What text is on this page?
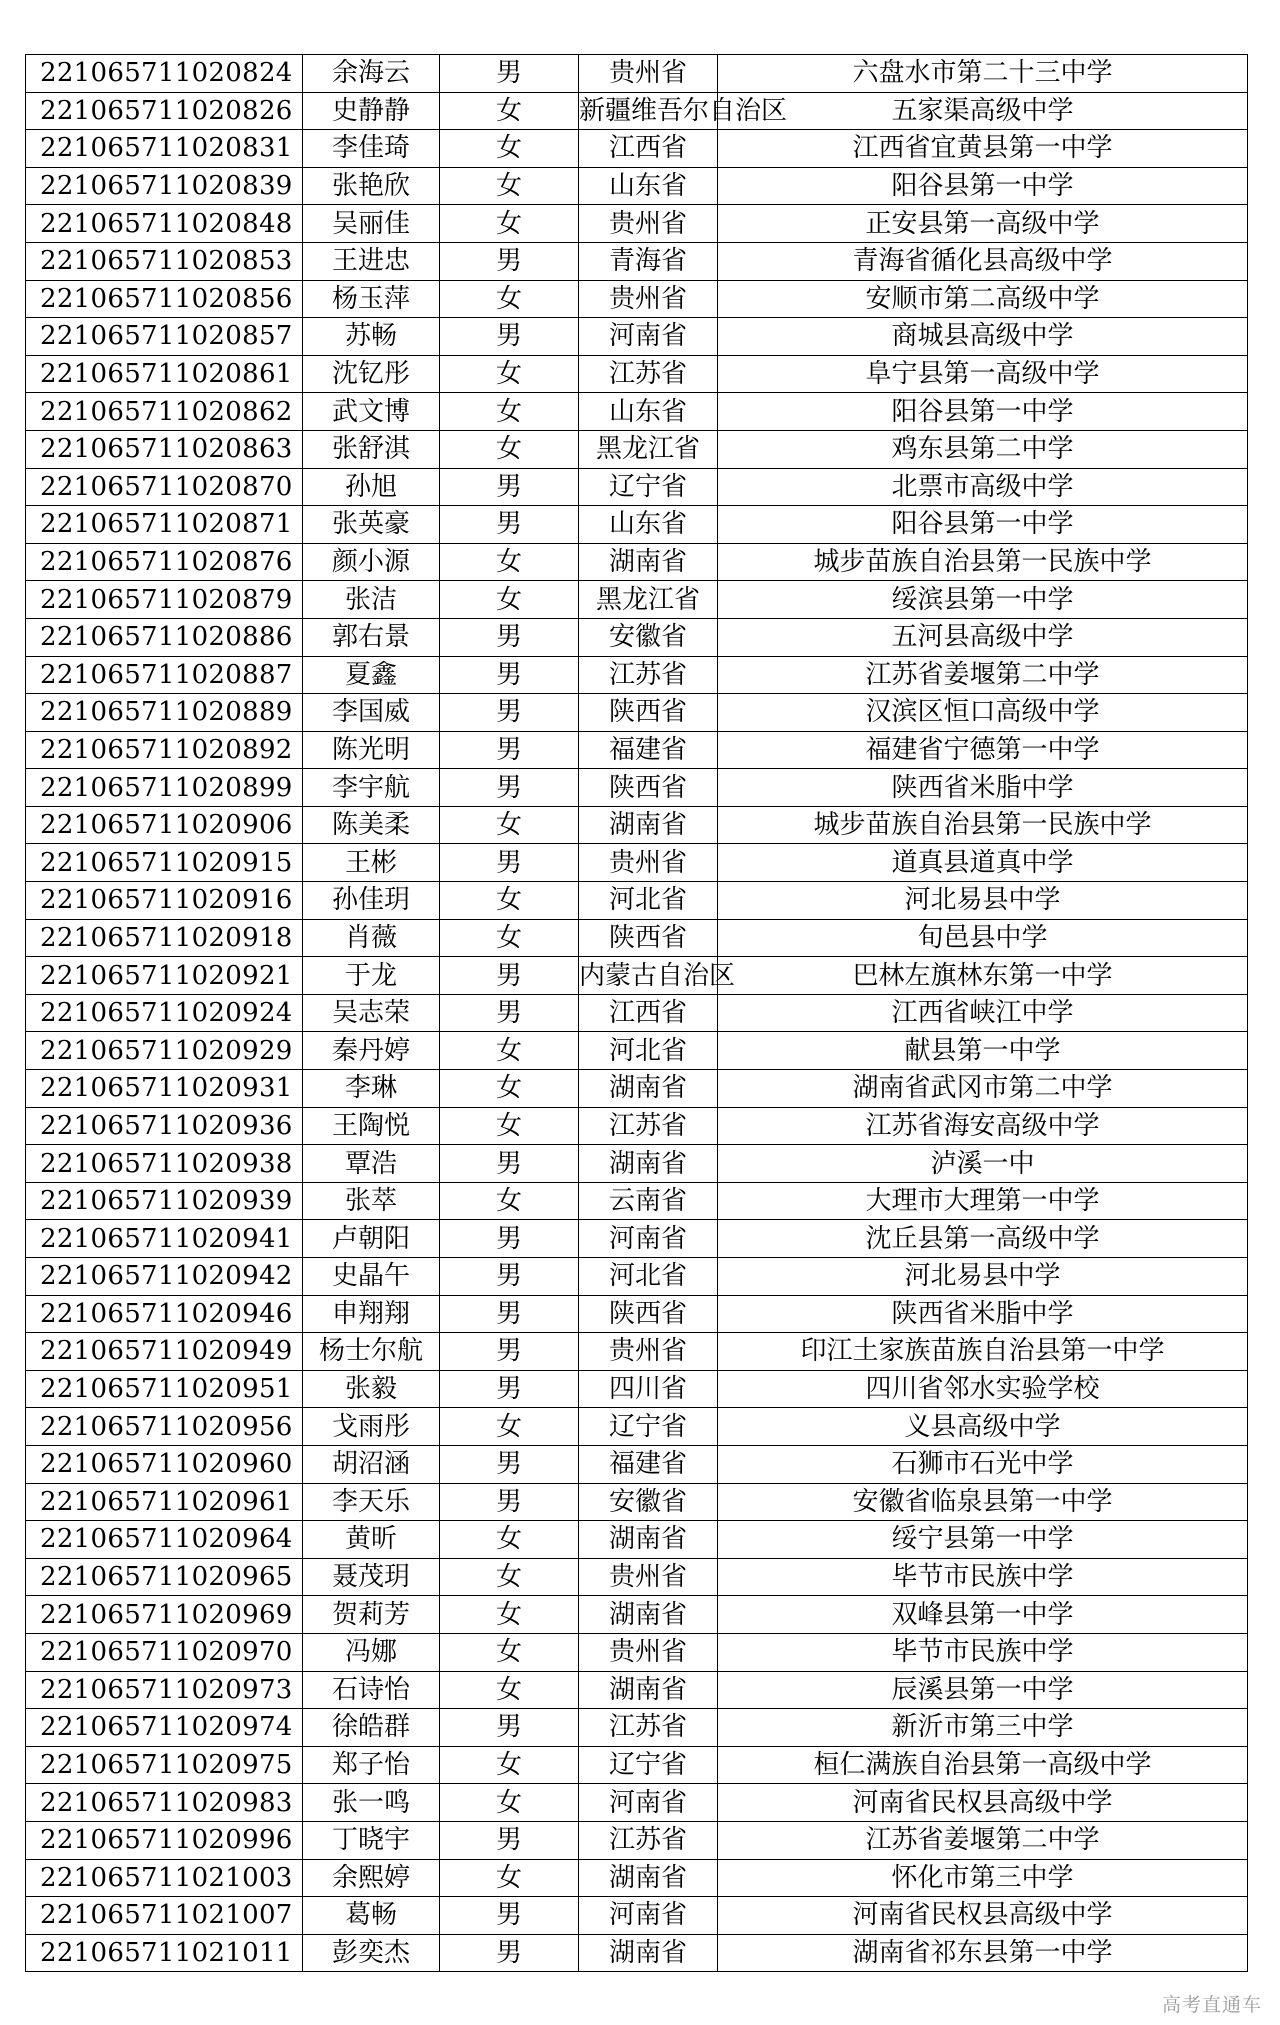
221065711020824	余海云	男	贵州省	六盘水市第二十三中学
221065711020826	史静静	女	新疆维吾尔自治区	五家渠高级中学
221065711020831	李佳琦	女	江西省	江西省宜黄县第一中学
221065711020839	张艳欣	女	山东省	阳谷县第一中学
221065711020848	吴丽佳	女	贵州省	正安县第一高级中学
221065711020853	王进忠	男	青海省	青海省循化县高级中学
221065711020856	杨玉萍	女	贵州省	安顺市第二高级中学
221065711020857	苏畅	男	河南省	商城县高级中学
221065711020861	沈钇彤	女	江苏省	阜宁县第一高级中学
221065711020862	武文博	女	山东省	阳谷县第一中学
221065711020863	张舒淇	女	黑龙江省	鸡东县第二中学
221065711020870	孙旭	男	辽宁省	北票市高级中学
221065711020871	张英豪	男	山东省	阳谷县第一中学
221065711020876	颜小源	女	湖南省	城步苗族自治县第一民族中学
221065711020879	张洁	女	黑龙江省	绥滨县第一中学
221065711020886	郭右景	男	安徽省	五河县高级中学
221065711020887	夏鑫	男	江苏省	江苏省姜堰第二中学
221065711020889	李国威	男	陕西省	汉滨区恒口高级中学
221065711020892	陈光明	男	福建省	福建省宁德第一中学
221065711020899	李宇航	男	陕西省	陕西省米脂中学
221065711020906	陈美柔	女	湖南省	城步苗族自治县第一民族中学
221065711020915	王彬	男	贵州省	道真县道真中学
221065711020916	孙佳玥	女	河北省	河北易县中学
221065711020918	肖薇	女	陕西省	旬邑县中学
221065711020921	于龙	男	内蒙古自治区	巴林左旗林东第一中学
221065711020924	吴志荣	男	江西省	江西省峡江中学
221065711020929	秦丹婷	女	河北省	献县第一中学
221065711020931	李琳	女	湖南省	湖南省武冈市第二中学
221065711020936	王陶悦	女	江苏省	江苏省海安高级中学
221065711020938	覃浩	男	湖南省	泸溪一中
221065711020939	张萃	女	云南省	大理市大理第一中学
221065711020941	卢朝阳	男	河南省	沈丘县第一高级中学
221065711020942	史晶午	男	河北省	河北易县中学
221065711020946	申翔翔	男	陕西省	陕西省米脂中学
221065711020949	杨士尔航	男	贵州省	印江土家族苗族自治县第一中学
221065711020951	张毅	男	四川省	四川省邻水实验学校
221065711020956	戈雨彤	女	辽宁省	义县高级中学
221065711020960	胡沼涵	男	福建省	石狮市石光中学
221065711020961	李天乐	男	安徽省	安徽省临泉县第一中学
221065711020964	黄昕	女	湖南省	绥宁县第一中学
221065711020965	聂茂玥	女	贵州省	毕节市民族中学
221065711020969	贺莉芳	女	湖南省	双峰县第一中学
221065711020970	冯娜	女	贵州省	毕节市民族中学
221065711020973	石诗怡	女	湖南省	辰溪县第一中学
221065711020974	徐皓群	男	江苏省	新沂市第三中学
221065711020975	郑子怡	女	辽宁省	桓仁满族自治县第一高级中学
221065711020983	张一鸣	女	河南省	河南省民权县高级中学
221065711020996	丁晓宇	男	江苏省	江苏省姜堰第二中学
221065711021003	余熙婷	女	湖南省	怀化市第三中学
221065711021007	葛畅	男	河南省	河南省民权县高级中学
221065711021011	彭奕杰	男	湖南省	湖南省祁东县第一中学
高考直通车
